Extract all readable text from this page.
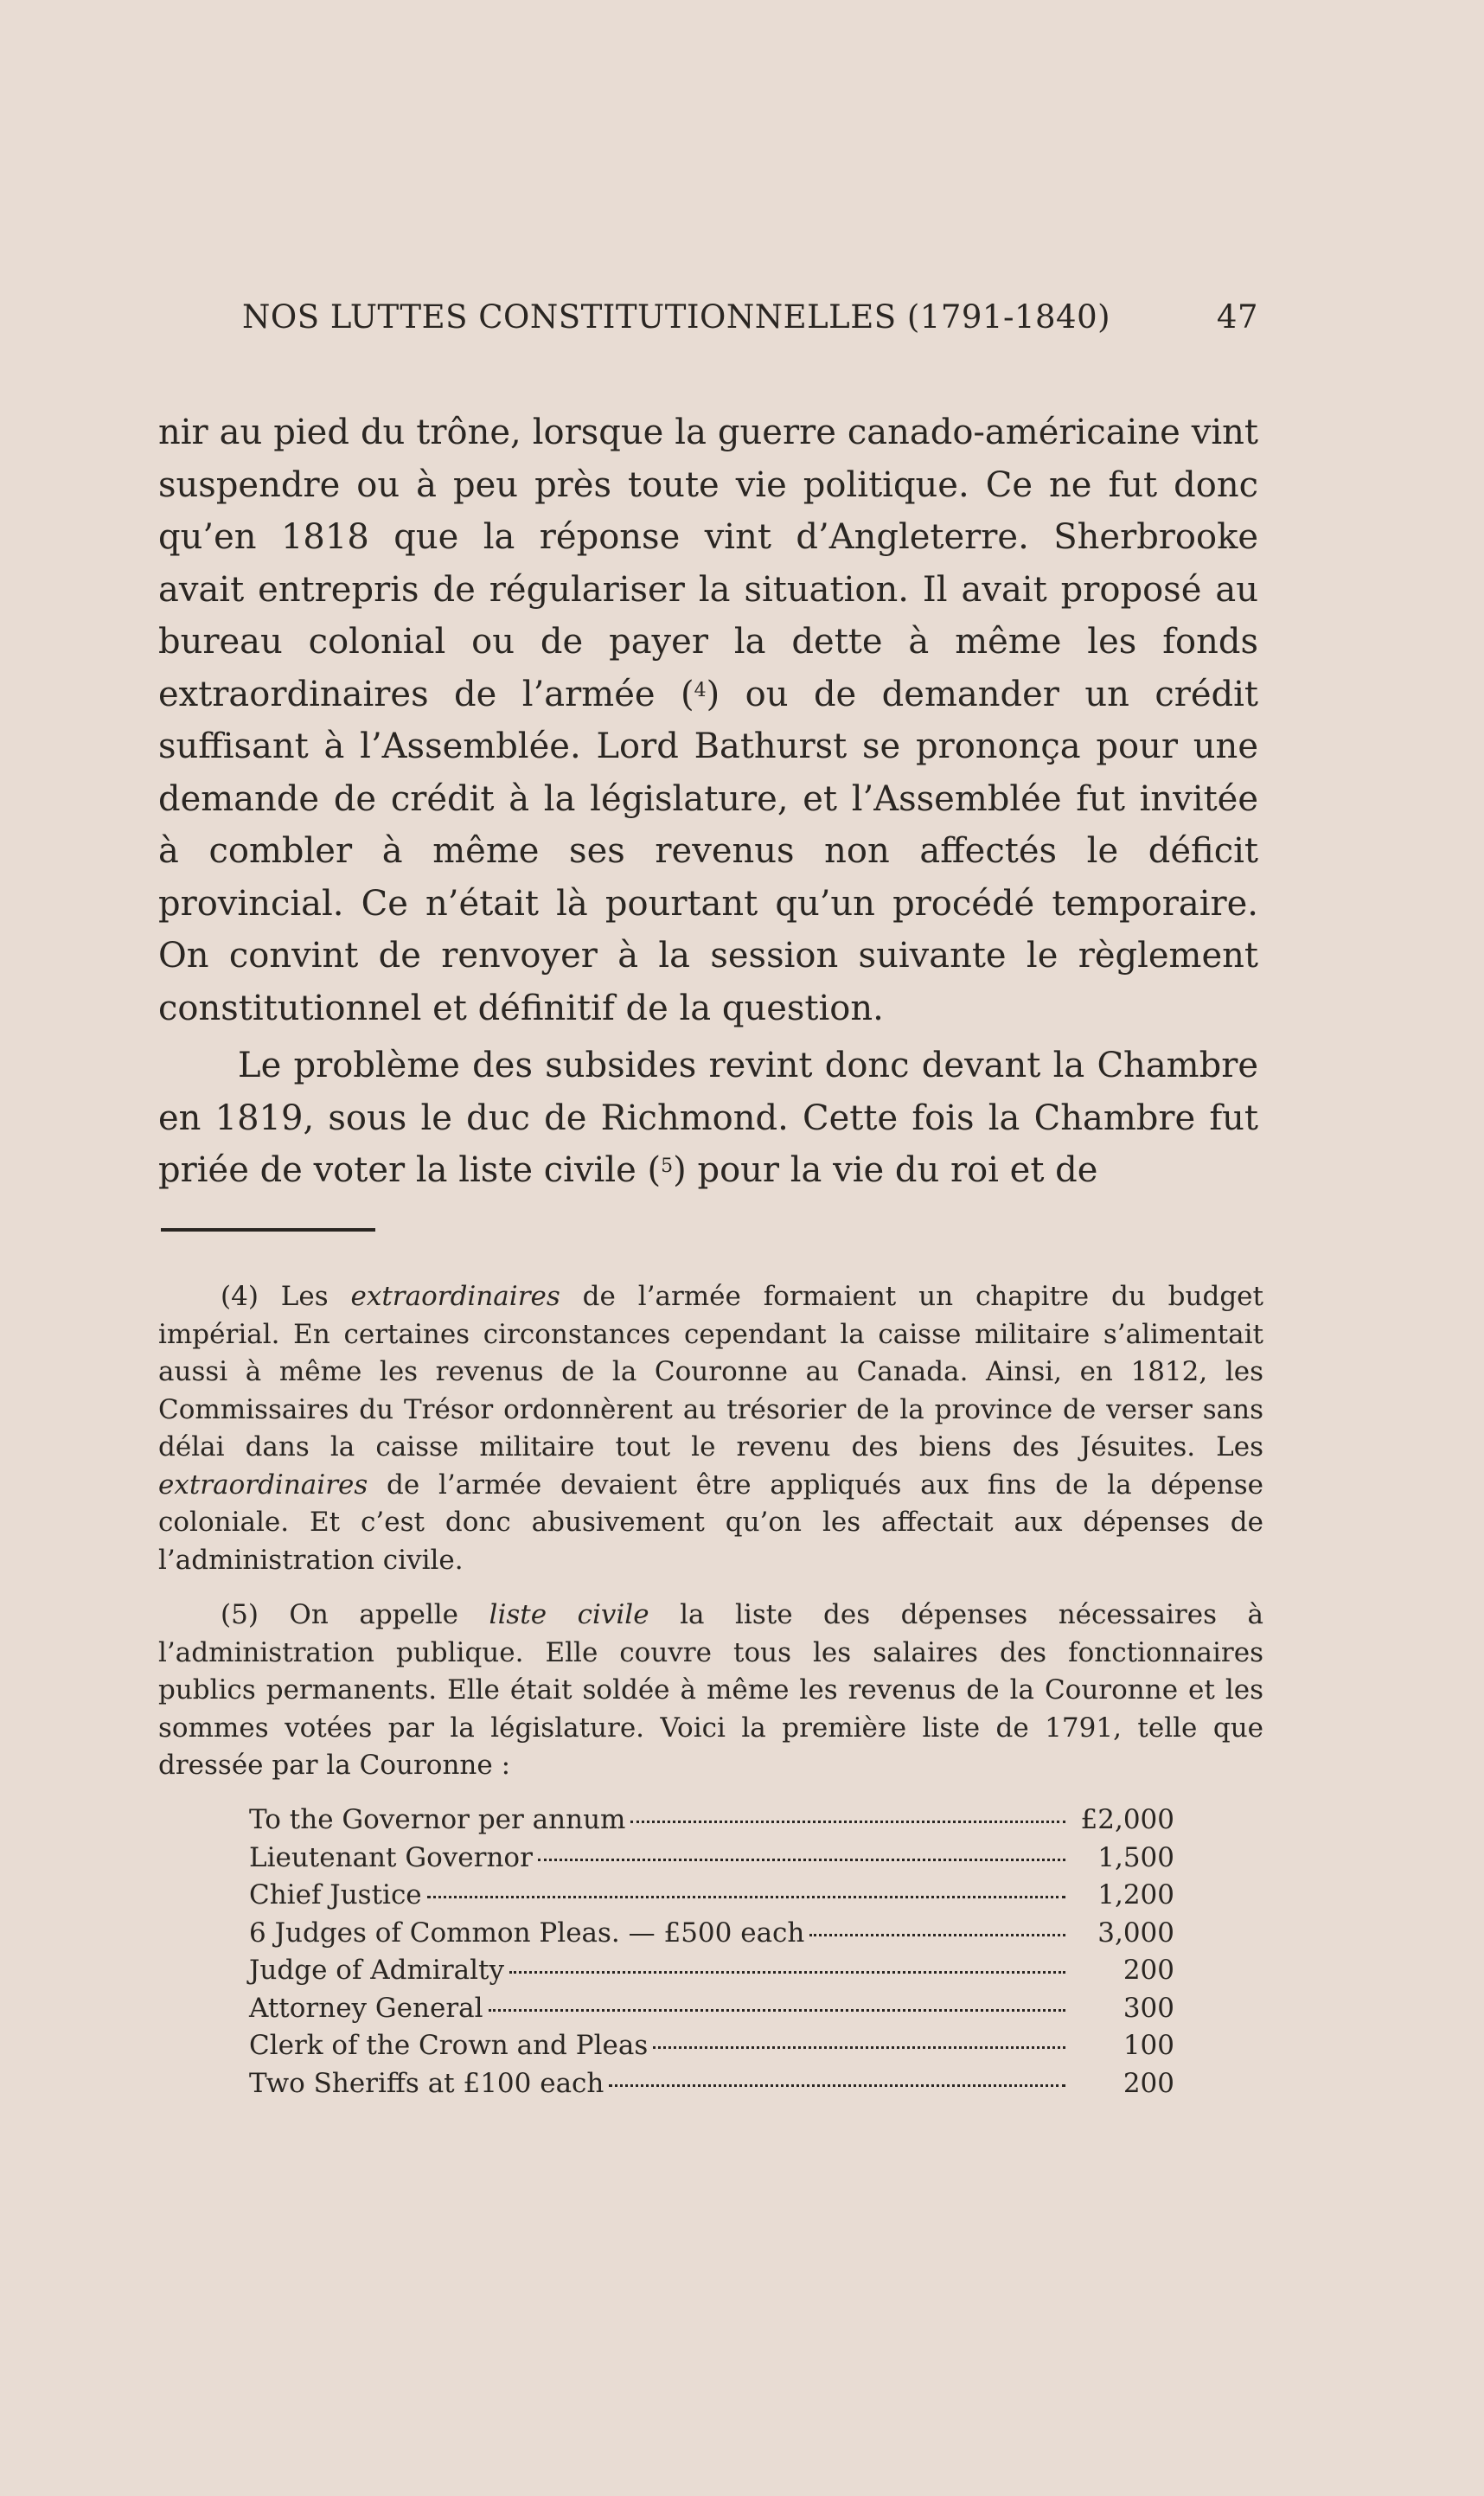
NOS LUTTES CONSTITUTIONNELLES (1791-1840)	47

nir au pied du trône, lorsque la guerre canado-américaine vint suspendre ou à peu près toute vie politique. Ce ne fut donc qu’en 1818 que la réponse vint d’Angleterre. Sherbrooke avait entrepris de régulariser la situation. Il avait proposé au bureau colonial ou de payer la dette à même les fonds extraordinaires de l’armée ($^4$) ou de demander un crédit suffisant à l’Assemblée. Lord Bathurst se prononça pour une demande de crédit à la législature, et l’Assemblée fut invitée à combler à même ses revenus non affectés le déficit provincial. Ce n’était là pourtant qu’un procédé temporaire. On convint de renvoyer à la session suivante le règlement constitutionnel et définitif de la question.

Le problème des subsides revint donc devant la Chambre en 1819, sous le duc de Richmond. Cette fois la Chambre fut priée de voter la liste civile ($^5$) pour la vie du roi et de

(4) Les extraordinaires de l’armée formaient un chapitre du budget impérial. En certaines circonstances cependant la caisse militaire s’alimentait aussi à même les revenus de la Couronne au Canada. Ainsi, en 1812, les Commissaires du Trésor ordonnèrent au trésorier de la province de verser sans délai dans la caisse militaire tout le revenu des biens des Jésuites. Les extraordinaires de l’armée devaient être appliqués aux fins de la dépense coloniale. Et c’est donc abusivement qu’on les affectait aux dépenses de l’administration civile.

(5) On appelle liste civile la liste des dépenses nécessaires à l’administration publique. Elle couvre tous les salaires des fonctionnaires publics permanents. Elle était soldée à même les revenus de la Couronne et les sommes votées par la législature. Voici la première liste de 1791, telle que dressée par la Couronne :

To the Governor per annum	£2,000
Lieutenant Governor	1,500
Chief Justice	1,200
6 Judges of Common Pleas. — £500 each	3,000
Judge of Admiralty	200
Attorney General	300
Clerk of the Crown and Pleas	100
Two Sheriffs at £100 each	200
